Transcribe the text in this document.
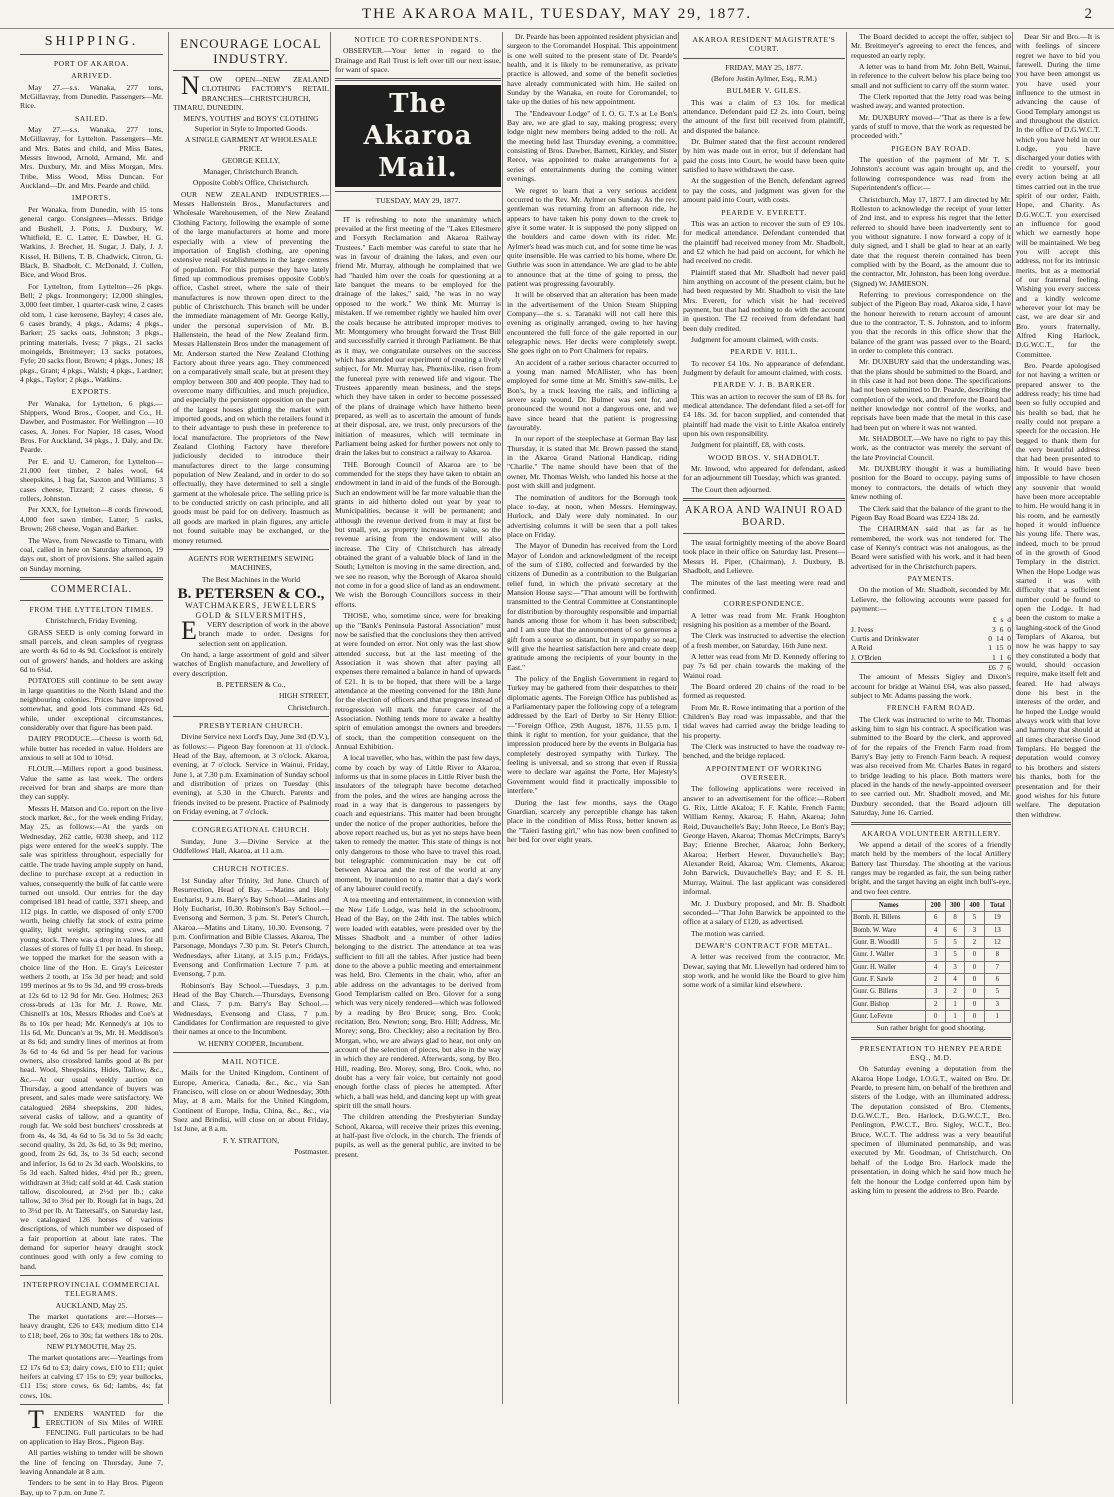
THE AKAROA MAIL, TUESDAY, MAY 29, 1877.	2
SHIPPING.
PORT OF AKAROA.
ARRIVED.

May 27.—s.s. Wanaka, 277 tons, McGillavray, from Dunedin. Passengers—Mr. Rice.

SAILED.

May 27.—s.s. Wanaka, 277 tons, McGillavray, for Lyttelton. Passengers—Mr. and Mrs. Bates and child, and Miss Bates, Messrs Inwood, Arnold, Armand, Mr. and Mrs. Duxbury, Mr. and Miss Morgan, Mrs. Tribe, Miss Wood, Miss Duncan. For Auckland—Dr. and Mrs. Pearde and child.

IMPORTS.

Per Wanaka, from Dunedin, with 15 tons general cargo. Consignees—Messrs. Bridge and Bushell, J. Potts, J. Duxbury, W. Whitfield, E. C. Latter, E. Dawber, H. G. Watkins, J. Brecher, H. Sugar, J. Daly, J. J. Kissel, H. Billens, T. B. Chadwick, Citron, G. Black, B. Shadbolt, C. McDonald, J. Cullen, Bice, and Wood Bros.

For Lyttelton, from Lyttelton—26 pkgs. Bell; 2 pkgs. Ironmongery; 12,000 shingles, 3,000 feet timber, 1 quarter-cask wine, 2 cases old tom, 1 case kerosene, Bayley; 4 cases ale, 6 cases brandy, 4 pkgs., Adams; 4 pkgs., Barker; 25 sacks oats, Johnston; 3 pkgs., printing materials, Ivess; 7 pkgs., 21 sacks moingelds, Breitmeyer; 13 sacks potatoes, Fyfe; 20 sacks flour, Brown; 4 pkgs., Jones; 18 pkgs., Grant; 4 pkgs., Walsh; 4 pkgs., Lardner; 4 pkgs., Taylor; 2 pkgs., Watkins.

EXPORTS.

Per Wanaka, for Lyttelton, 6 pkgs.—Shippers, Wood Bros., Cooper, and Co., H. Dawber, and Postmaster. For Wellington —10 cases, A. Jones. For Napier, 18 cases, Wood Bros. For Auckland, 34 pkgs., J. Daly, and Dr. Pearde.

Per E. and U. Cameron, for Lyttelton—21,000 feet timber, 2 bales wool, 64 sheepskins, 1 bag fat, Saxton and Williams; 3 cases cheese, Tizzard; 2 cases cheese, 6 rollers, Johnston.

Per XXX, for Lyttelton—8 cords firewood, 4,000 feet sawn timber, Latter; 5 casks, Brown; 268 cheese, Vogan and Barker.

The Wave, from Newcastle to Timaru, with coal, called in here on Saturday afternoon, 19 days out, short of provisions. She sailed again on Sunday morning.

COMMERCIAL.
FROM THE LYTTELTON TIMES.

Christchurch, Friday Evening.

GRASS SEED is only coming forward in small parcels, and clean samples of ryegrass are worth 4s 6d to 4s 9d. Cocksfoot is entirely out of growers' hands, and holders are asking 6d to 6¼d.

POTATOES still continue to be sent away in large quantities to the North Island and the neighbouring colonies. Prices have improved somewhat, and good lots command 42s 6d, while, under exceptional circumstances, considerably over that figure has been paid.

DAIRY PRODUCE.—Cheese is worth 6d, while butter has receded in value. Holders are anxious to sell at 10d to 10½d.

FLOUR.—Millers report a good business. Value the same as last week. The orders received for bran and sharps are more than they can supply.

Messrs H. Matson and Co. report on the live stock market, &c., for the week ending Friday, May 25, as follows:—At the yards on Wednesday, 262 cattle, 6038 sheep, and 112 pigs were entered for the week's supply. The sale was spiritless throughout, especially for cattle. The trade having ample supply on hand, decline to purchase except at a reduction in values, consequently the bulk of fat cattle were turned out unsold. Our entries for the day comprised 181 head of cattle, 3371 sheep, and 112 pigs. In cattle, we disposed of only £700 worth, being chiefly fat stock of extra prime quality, light weight, springing cows, and young stock. There was a drop in values for all classes of stores of fully £1 per head. In sheep, we topped the market for the season with a choice line of the Hon. E. Gray's Leicester wethers 2 tooth, at 15s 3d per head; and sold 199 merinos at 9s to 9s 3d, and 99 cross-breds at 12s 6d to 12 9d for Mr. Geo. Holmes; 263 cross-breds at 13s for Mr. J. Rowe, Mr. Chisnell's at 10s, Messrs Rhodes and Coe's at 8s to 10s per head; Mr. Kennedy's at 10s to 11s 6d, Mr. Duncan's at 9s, Mr. H. Meddison's at 8s 6d; and sundry lines of merinos at from 3s 6d to 4s 6d and 5s per head for various owners, also crossbred lambs good at 8s per head. Wool, Sheepskins, Hides, Tallow, &c., &c.—At our usual weekly auction on Thursday, a good attendance of buyers was present, and sales made were satisfactory. We catalogued 2684 sheepskins, 200 hides, several casks of tallow, and a quantity of rough fat. We sold best butchers' crossbreds at from 4s, 4s 3d, 4s 6d to 5s 3d to 5s 3d each; second quality, 3s 2d, 3s 6d, to 3s 9d; merino, good, from 2s 6d, 3s, to 3s 5d each; second and inferior, 1s 6d to 2s 3d each. Woolskins, to 5s 3d each. Salted hides, 4¼d per lb.; green, withdrawn at 3¾d; calf sold at 4d. Cask station tallow, discoloured, at 2½d per lb.; cake tallow, 3d to 3½d per lb. Rough fat in bags, 2d to 3½d per lb. At Tattersall's, on Saturday last, we catalogued 126 horses of various descriptions, of which number we disposed of a fair proportion at about late rates. The demand for superior heavy draught stock continues good with only a few coming to hand.

INTERPROVINCIAL COMMERCIAL TELEGRAMS.

AUCKLAND, May 25.

The market quotations are:—Horses—heavy draught, £26 to £43; medium ditto £14 to £18; beef, 26s to 30s; fat wethers 18s to 20s.

NEW PLYMOUTH, May 25.

The market quotations are:—Yearlings from £2 17s 6d to £3; dairy cows, £10 to £11; quiet heifers at calving £7 15s to £9; year bullocks, £11 15s; store cows, 6s 6d; lambs, 4s; fat cows, 10s.

TENDERS WANTED for the ERECTION of Six Miles of WIRE FENCING. Full particulars to be had on application to Hay Bros., Pigeon Bay.

All parties wishing to tender will be shown the line of fencing on Thursday, June 7, leaving Annandale at 8 a.m.

Tenders to be sent in to Hay Bros. Pigeon Bay, up to 7 p.m. on June 7.

ENCOURAGE LOCAL INDUSTRY.

NOW OPEN—NEW ZEALAND CLOTHING FACTORY'S RETAIL BRANCHES—CHRISTCHURCH, TIMARU, DUNEDIN.

MEN'S, YOUTHS' and BOYS' CLOTHING Superior in Style to Imported Goods.

A SINGLE GARMENT AT WHOLESALE PRICE.

GEORGE KELLY,

Manager, Christchurch Branch.

Opposite Cobb's Office, Christchurch.

OUR NEW ZEALAND INDUSTRIES.—Messrs Hallenstein Bros., Manufacturers and Wholesale Warehousemen, of the New Zealand Clothing Factory, following the example of some of the large manufacturers at home and more especially with a view of preventing the importation of English clothing, are opening extensive retail establishments in the large centres of population. For this purpose they have lately fitted up commodious premises opposite Cobb's office, Cashel street, where the sale of their manufactures is now thrown open direct to the public of Christchurch. This branch will be under the immediate management of Mr. George Kelly, under the personal supervision of Mr. B. Hallenstein, the head of the New Zealand firm. Messrs Hallenstein Bros under the management of Mr. Anderson started the New Zealand Clothing Factory about three years ago. They commenced on a comparatively small scale, but at present they employ between 300 and 400 people. They had to overcome many difficulties, and much prejudice, and especially the persistent opposition on the part of the largest houses glutting the market with imported goods, and on which the retailers found it to their advantage to push these in preference to local manufacture. The proprietors of the New Zealand Clothing Factory have therefore judiciously decided to introduce their manufactures direct to the large consuming population of New Zealand, and in order to do so effectually, they have determined to sell a single garment at the wholesale price. The selling price is to be conducted strictly on cash principle, and all goods must be paid for on delivery. Inasmuch as all goods are marked in plain figures, any article not found suitable may be exchanged, or the money returned.

AGENTS FOR WERTHEIM'S SEWING MACHINES,

The Best Machines in the World

B. PETERSEN & CO.,
WATCHMAKERS, JEWELLERS GOLD & SILVERSMITHS,

EVERY description of work in the above branch made to order. Designs for selection sent on application.

On hand, a large assortment of gold and silver watches of English manufacture, and Jewellery of every description.

B. PETERSEN & Co.,

HIGH STREET,

Christchurch.

PRESBYTERIAN CHURCH.

Divine Service next Lord's Day, June 3rd (D.V.), as follows:— Pigeon Bay forenoon at 11 o'clock. Head of the Bay, afternoon, at 3 o'clock. Akaroa, evening, at 7 o'clock. Service in Wainui, Friday, June 1, at 7.30 p.m. Examination of Sunday school and distribution of prizes on Tuesday (this evening), at 5.30 in the Church. Parents and friends invited to be present. Practice of Psalmody on Friday evening, at 7 o'clock.

CONGREGATIONAL CHURCH.

Sunday, June 3.—Divine Service at the Oddfellows' Hall, Akaroa, at 11 a.m.

CHURCH NOTICES.

1st Sunday after Trinity, 3rd June. Church of Resurrection, Head of Bay. —Matins and Holy Eucharist, 9 a.m. Barry's Bay School.—Matins and Holy Eucharist, 10.30. Robinson's Bay School.—Evensong and Sermon, 3 p.m. St. Peter's Church, Akaroa.—Matins and Litany, 10.30. Evensong, 7 p.m. Confirmation and Bible Classes. Akaroa, The Parsonage, Mondays 7.30 p.m. St. Peter's Church, Wednesdays, after Litany, at 3.15 p.m.; Fridays, Evensong and Confirmation Lecture 7 p.m. at Evensong, 7 p.m.

Robinson's Bay School.—Tuesdays, 3 p.m. Head of the Bay Church.—Thursdays, Evensong and Class, 7 p.m. Barry's Bay School.—Wednesdays, Evensong and Class, 7 p.m. Candidates for Confirmation are requested to give their names at once to the Incumbent.

W. HENRY COOPER, Incumbent.

MAIL NOTICE.

Mails for the United Kingdom, Continent of Europe, America, Canada, &c., &c., via San Francisco, will close on or about Wednesday, 30th May, at 8 a.m. Mails for the United Kingdom, Continent of Europe, India, China, &c., &c., via Suez and Brindisi, will close on or about Friday, 1st June, at 8 a.m.

F. Y. STRATTON,

Postmaster.

NOTICE TO CORRESPONDENTS.

OBSERVER.—Your letter in regard to the Drainage and Rail Trust is left over till our next issue, for want of space.

The Akaroa Mail.

TUESDAY, MAY 29, 1877.

IT is refreshing to note the unanimity which prevailed at the first meeting of the "Lakes Ellesmere and Forsyth Reclamation and Akaroa Railway Trustees." Each member was careful to state that he was in favour of draining the lakes, and even our friend Mr. Murray, although he complained that we had "hauled him over the coals for questioning at a late banquet the means to be employed for the drainage of the lakes," said, "he was in no way opposed to the work." We think Mr. Murray is mistaken. If we remember rightly we hauled him over the coals because he attributed improper motives to Mr. Montgomery who brought forward the Trust Bill and successfully carried it through Parliament. Be that as it may, we congratulate ourselves on the success which has attended our experiment of creating a lively subject, for Mr. Murray has, Phœnix-like, risen from the funereal pyre with renewed life and vigour. The Trustees apparently mean business, and the steps which they have taken in order to become possessed of the plans of drainage which have hitherto been prepared, as well as to ascertain the amount of funds at their disposal, are, we trust, only precursors of the initiation of measures, which will terminate in Parliament being asked for further powers not only to drain the lakes but to construct a railway to Akaroa.

THE Borough Council of Akaroa are to be commended for the steps they have taken to obtain an endowment in land in aid of the funds of the Borough. Such an endowment will be far more valuable than the grants in aid hitherto doled out year by year to Municipalities, because it will be permanent; and although the revenue derived from it may at first be but small, yet, as property increases in value, so the revenue arising from the endowment will also increase. The City of Christchurch has already obtained the grant of a valuable block of land in the South; Lyttelton is moving in the same direction, and, we see no reason, why the Borough of Akaroa should not come in for a good slice of land as an endowment. We wish the Borough Councillors success in their efforts.

THOSE, who, sometime since, were for breaking up the "Bank's Peninsula Pastoral Association" must now be satisfied that the conclusions they then arrived at were founded on error. Not only was the last show attended success, but at the last meeting of the Association it was shown that after paying all expenses there remained a balance in hand of upwards of £21. It is to be hoped, that there will be a large attendance at the meeting convened for the 18th June for the election of officers and that progress instead of retrogression will mark the future career of the Association. Nothing tends more to awake a healthy spirit of emulation amongst the owners and breeders of stock, than the competition consequent on the Annual Exhibition.

A local traveller, who has, within the past few days, come by coach by way of Little River to Akaroa, informs us that in some places in Little River bush the insulators of the telegraph have become detached from the poles, and the wires are hanging across the road in a way that is dangerous to passengers by coach and equestrians. This matter had been brought under the notice of the proper authorities, before the above report reached us, but as yet no steps have been taken to remedy the matter. This state of things is not only dangerous to those who have to travel this road, but telegraphic communication may be cut off between Akaroa and the rest of the world at any moment, by inattention to a matter that a day's work of any labourer could rectify.

A tea meeting and entertainment, in connexion with the New Life Lodge, was held in the schoolroom, Head of the Bay, on the 24th inst. The tables which were loaded with eatables, were presided over by the Misses Shadbolt and a number of other ladies belonging to the district. The attendance at tea was sufficient to fill all the tables. After justice had been done to the above a public meeting and entertainment was held, Bro. Clements in the chair, who, after an able address on the advantages to be derived from Good Templarism called on Bro. Glover for a song which was very nicely rendered—which was followed by a reading by Bro Bruce; song, Bro. Cook; recitation, Bro. Newton; song, Bro. Hill; Address, Mr. Morey; song, Bro. Checkley; also a recitation by Bro. Morgan, who, we are always glad to hear, not only on account of the selection of pieces, but also in the way in which they are rendered. Afterwards, song, by Bro. Hill, reading, Bro. Morey, song, Bro. Cook, who, no doubt has a very fair voice, but certainly not good enough forthe class of pieces he attempted. After which, a ball was held, and dancing kept up with great spirit till the small hours.

The children attending the Presbyterian Sunday School, Akaroa, will receive their prizes this evening, at half-past five o'clock, in the church. The friends of pupils, as well as the general public, are invited to be present.

Dr. Pearde has been appointed resident physician and surgeon to the Coromandel Hospital. This appointment is one well suited to the present state of Dr. Pearde's health, and it is likely to be remunerative, as private practice is allowed, and some of the benefit societies have already communicated with him. He sailed on Sunday by the Wanaka, en route for Coromandel, to take up the duties of his new appointment.

The "Endeavour Lodge" of I. O. G. T.'s at Le Bon's Bay are, we are glad to say, making progress; every lodge night new members being added to the roll. At the meeting held last Thursday evening, a committee, consisting of Bros. Dawber, Barnett, Kirkley, and Sister Reece, was appointed to make arrangements for a series of entertainments during the coming winter evenings.

We regret to learn that a very serious accident occurred to the Rev. Mr. Aylmer on Sunday. As the rev. gentleman was returning from an afternoon ride, he appears to have taken his pony down to the creek to give it some water. It is supposed the pony slipped on the boulders and came down with its rider. Mr. Aylmer's head was much cut, and for some time he was quite insensible. He was carried to his home, where Dr. Guthrie was soon in attendance. We are glad to be able to announce that at the time of going to press, the patient was progressing favourably.

It will be observed that an alteration has been made in the advertisement of the Union Steam Shipping Company—the s. s. Taranaki will not call here this evening as originally arranged, owing to her having encountered the full force of the gale reported in our telegraphic news. Her decks were completely swept. She goes right on to Port Chalmers for repairs.

An accident of a rather serious character occurred to a young man named McAllister, who has been employed for some time at Mr. Smith's saw-mills, Le Bon's, by a truck leaving the rails, and inflicting a severe scalp wound. Dr. Bulmer was sent for, and pronounced the wound not a dangerous one, and we have since heard that the patient is progressing favourably.

In our report of the steeplechase at German Bay last Thursday, it is stated that Mr. Brown passed the stand in the Akaroa Grand National Handicap, riding "Charlie." The name should have been that of the owner, Mr. Thomas Welsh, who landed his horse at the post with skill and judgment.

The nomination of auditors for the Borough took place to-day, at noon, when Messrs. Hemingway, Hurlock, and Daly were duly nominated. In our advertising columns it will be seen that a poll takes place on Friday.

The Mayor of Dunedin has received from the Lord Mayor of London and acknowledgment of the receipt of the sum of £180, collected and forwarded by the citizens of Dunedin as a contribution to the Bulgarian relief fund, in which the private secretary at the Mansion House says:—"That amount will be forthwith transmitted to the Central Committee at Constantinople for distribution by thoroughly responsible and impartial hands among those for whom it has been subscribed; and I am sure that the announcement of so generous a gift from a source so distant, but in sympathy so near, will give the heartiest satisfaction here and create deep gratitude among the recipients of your bounty in the East."

The policy of the English Government in regard to Turkey may be gathered from their despatches to their diplomatic agents. The Foreign Office has published as a Parliamentary paper the following copy of a telegram addressed by the Earl of Derby to Sir Henry Elliot:—"Foreign Office, 29th August, 1876, 11.55 p.m. I think it right to mention, for your guidance, that the impression produced here by the events in Bulgaria has completely destroyed sympathy with Turkey. The feeling is universal, and so strong that even if Russia were to declare war against the Porte, Her Majesty's Government would find it practically impossible to interfere."

During the last few months, says the Otago Guardian, scarcely any perceptible change has taken place in the condition of Miss Ross, better known as the "Taieri fasting girl," who has now been confined to her bed for over eight years.

AKAROA RESIDENT MAGISTRATE'S COURT.

FRIDAY, MAY 25, 1877.

(Before Justin Aylmer, Esq., R.M.)

BULMER V. GILES.

This was a claim of £3 10s. for medical attendance. Defendant paid £2 2s. into Court, being the amount of the first bill received from plaintiff, and disputed the balance.

Dr. Bulmer stated that the first account rendered by him was made out in error, but if defendant had paid the costs into Court, he would have been quite satisfied to have withdrawn the case.

At the suggestion of the Bench, defendant agreed to pay the costs, and judgment was given for the amount paid into Court, with costs.

PEARDE V. EVERETT.

This was an action to recover the sum of £9 10s. for medical attendance. Defendant contended that the plaintiff had received money from Mr. Shadbolt, and £2 which he had paid on account, for which he had received no credit.

Plaintiff stated that Mr. Shadbolt had never paid him anything on account of the present claim, but he had been requested by Mr. Shadbolt to visit the late Mrs. Everett, for which visit he had received payment, but that had nothing to do with the account in question. The £2 received from defendant had been duly credited.

Judgment for amount claimed, with costs.

PEARDE V. HILL.

To recover £4 10s. No appearance of defendant. Judgment by default for amount claimed, with costs.

PEARDE V. J. B. BARKER.

This was an action to recover the sum of £8 8s. for medical attendance. The defendant filed a set-off for £4 18s. 3d. for bacon supplied, and contended that plaintiff had made the visit to Little Akaloa entirely upon his own responsibility.

Judgment for plaintiff, £8, with costs.

WOOD BROS. V. SHADBOLT.

Mr. Inwood, who appeared for defendant, asked for an adjournment till Tuesday, which was granted.

The Court then adjourned.

AKAROA AND WAINUI ROAD BOARD.

The usual fortnightly meeting of the above Board took place in their office on Saturday last. Present—Messrs H. Piper, (Chairman), J. Duxbury, B. Shadbolt, and Lelievre.

The minutes of the last meeting were read and confirmed.

CORRESPONDENCE.

A letter was read from Mr. Frank Houghton resigning his position as a member of the Board.

The Clerk was instructed to advertise the election of a fresh member, on Saturday, 16th June next.

A letter was read from Mr D. Kennedy offering to pay 7s 6d per chain towards the making of the Wainui road.

The Board ordered 20 chains of the road to be formed as requested.

From Mr. R. Rowe intimating that a portion of the Children's Bay road was impassable, and that the tidal waves had carried away the bridge leading to his property.

The Clerk was instructed to have the roadway re-benched, and the bridge replaced.

APPOINTMENT OF WORKING OVERSEER.

The following applications were received in answer to an advertisement for the office:—Robert G. Rix, Little Akaloa; F. F. Kahle, French Farm; William Kenny, Akaroa; F. Hahn, Akaroa; John Reid, Duvauchelle's Bay; John Reece, Le Bon's Bay; George Haven, Akaroa; Thomas McCrimpts, Barry's Bay; Etienne Brecher, Akaroa; John Berkery, Akaroa; Herbert Hewer, Duvauchelle's Bay; Alexander Reid, Akaroa; Wm. Clements, Akaroa; John Barwick, Duvauchelle's Bay; and F. S. H. Murray, Wainui. The last applicant was considered informal.

Mr. J. Duxbury proposed, and Mr. B. Shadbolt seconded—"That John Barwick be appointed to the office at a salary of £120, as advertised.

The motion was carried.

DEWAR'S CONTRACT FOR METAL.

A letter was received from the contractor, Mr. Dewar, saying that Mr. Llewellyn had ordered him to stop work, and he would like the Board to give him some work of a similar kind elsewhere.

The Board decided to accept the offer, subject to Mr. Breitmeyer's agreeing to erect the fences, and requested an early reply.

A letter was to hand from Mr. John Bell, Wainui, in reference to the culvert below his place being too small and not sufficient to carry off the storm water.

The Clerk reported that the Jetty road was being washed away, and wanted protection.

Mr. DUXBURY moved—"That as there is a few yards of stuff to move, that the work as requested be proceeded with."

PIGEON BAY ROAD.

The question of the payment of Mr T. S. Johnston's account was again brought up, and the following correspondence was read from the Superintendent's office:—

Christchurch, May 17, 1877. I am directed by Mr. Rolleston to acknowledge the receipt of your letter of 2nd inst, and to express his regret that the letter referred to should have been inadvertently sent to you without signature. I now forward a copy of it duly signed, and I shall be glad to hear at an early date that the request therein contained has been complied with by the Board, as the amount due to the contractor, Mr. Johnston, has been long overdue. (Signed) W. JAMIESON.

Referring to previous correspondence on the subject of the Pigeon Bay road, Akaroa side, I have the honour herewith to return account of amount due to the contractor, T. S. Johnston, and to inform you that the records in this office show that the balance of the grant was passed over to the Board, in order to complete this contract.

Mr. DUXBURY said that the understanding was, that the plans should be submitted to the Board, and in this case it had not been done. The specifications had not been submitted to Dr. Pearde, describing the completion of the work, and therefore the Board had neither knowledge nor control of the works, and reprisals have been made that the metal in this case had been put on where it was not wanted.

Mr. SHADBOLT.—We have no right to pay this work, as the contractor was merely the servant of the late Provincial Council.

Mr. DUXBURY thought it was a humiliating position for the Board to occupy, paying sums of money to contractors, the details of which they knew nothing of.

The Clerk said that the balance of the grant to the Pigeon Bay Road Board was £224 18s 2d.

The CHAIRMAN said that as far as he remembered, the work was not tendered for. The case of Kenny's contract was not analogous, as the Board were satisfied with his work, and it had been advertised for in the Christchurch papers.

PAYMENTS.

On the motion of Mr. Shadbolt, seconded by Mr. Lelievre, the following accounts were passed for payment:—

£ s d
J. Ivess	3 6 0
Curtis and Drinkwater	0 14 0
A Reid	1 15 0
J. O'Brien	1 1 6
£6 7 6

The amount of Messrs Sigley and Dixon's account for bridge at Wainui £64, was also passed, subject to Mr. Adams passing the work.

FRENCH FARM ROAD.

The Clerk was instructed to write to Mr. Thomas asking him to sign his contract. A specification was submitted to the Board by the clerk, and approved of for the repairs of the French Farm road from Barry's Bay jetty to French Farm beach. A request was also received from Mr. Charles Bates in regard to bridge leading to his place. Both matters were placed in the hands of the newly-appointed overseer to see carried out. Mr. Shadbolt moved, and Mr. Duxbury seconded, that the Board adjourn till Saturday, June 16. Carried.

AKAROA VOLUNTEER ARTILLERY.

We append a detail of the scores of a friendly match held by the members of the local Artillery Battery last Thursday. The shooting at the various ranges may be regarded as fair, the sun being rather bright, and the target having an eight inch bull's-eye, and two feet centre.

Names	200	300	400	Total
Bomb. H. Billens	6	8	5	19
Bomb. W. Ware	4	6	3	13
Gunr. B. Woodill	5	5	2	12
Gunr. J. Waller	3	5	0	8
Gunr. H. Waller	4	3	0	7
Gunr. F. Sawle	2	4	0	6
Gunr. G. Billens	3	2	0	5
Gunr. Bishop	2	1	0	3
Gunr. LeFevre	0	1	0	1

Sun rather bright for good shooting.

PRESENTATION TO HENRY PEARDE ESQ., M.D.

On Saturday evening a deputation from the Akaroa Hope Lodge, I.O.G.T., waited on Bro. Dr. Pearde, to present him, on behalf of the brethren and sisters of the Lodge, with an illuminated address. The deputation consisted of Bro. Clements, D.G.W.C.T., Bro. Harlock, D.G.W.C.T., Bro. Penlington, P.W.C.T., Bro. Sigley, W.C.T., Bro. Bruce, W.C.T. The address was a very beautiful specimen of illuminated penmanship, and was executed by Mr. Goodman, of Christchurch. On behalf of the Lodge Bro. Harlock made the presentation, in doing which he said how much he felt the honour the Lodge conferred upon him by asking him to present the address to Bro. Pearde.

Dear Sir and Bro.—It is with feelings of sincere regret we have to bid you farewell. During the time you have been amongst us you have used your influence to the utmost in advancing the cause of Good Templary amongst us and throughout the district. In the office of D.G.W.C.T. which you have held in our Lodge, you have discharged your duties with credit to yourself, your every action being at all times carried out in the true spirit of our order, Faith, Hope, and Charity. As D.G.W.C.T. you exercised an influence for good which we earnestly hope will be maintained. We beg you will accept this address, not for its intrinsic merits, but as a memorial of our fraternal feeling. Wishing you every success and a kindly welcome wherever your lot may be cast, we are dear sir and Bro. yours fraternally, Alfred King Harlock, D.G.W.C.T., for the Committee.

Bro. Pearde apologised for not having a written or prepared answer to the address ready; his time had been so fully occupied and his health so bad, that he really could not prepare a speech for the occasion. He begged to thank them for the very beautiful address that had been presented to him. It would have been impossible to have chosen any souvenir that would have been more acceptable to him. He would hang it in his room, and he earnestly hoped it would influence his young life. There was, indeed, much to be proud of in the growth of Good Templary in the district. When the Hope Lodge was started it was with difficulty that a sufficient number could be found to open the Lodge. It had been the custom to make a laughing-stock of the Good Templars of Akaroa, but now he was happy to say they constituted a body that would, should occasion require, make itself felt and feared. He had always done his best in the interests of the order, and he hoped the Lodge would always work with that love and harmony that should at all times characterise Good Templars. He begged the deputation would convey to his brothers and sisters his thanks, both for the presentation and for their good wishes for his future welfare. The deputation then withdrew.
